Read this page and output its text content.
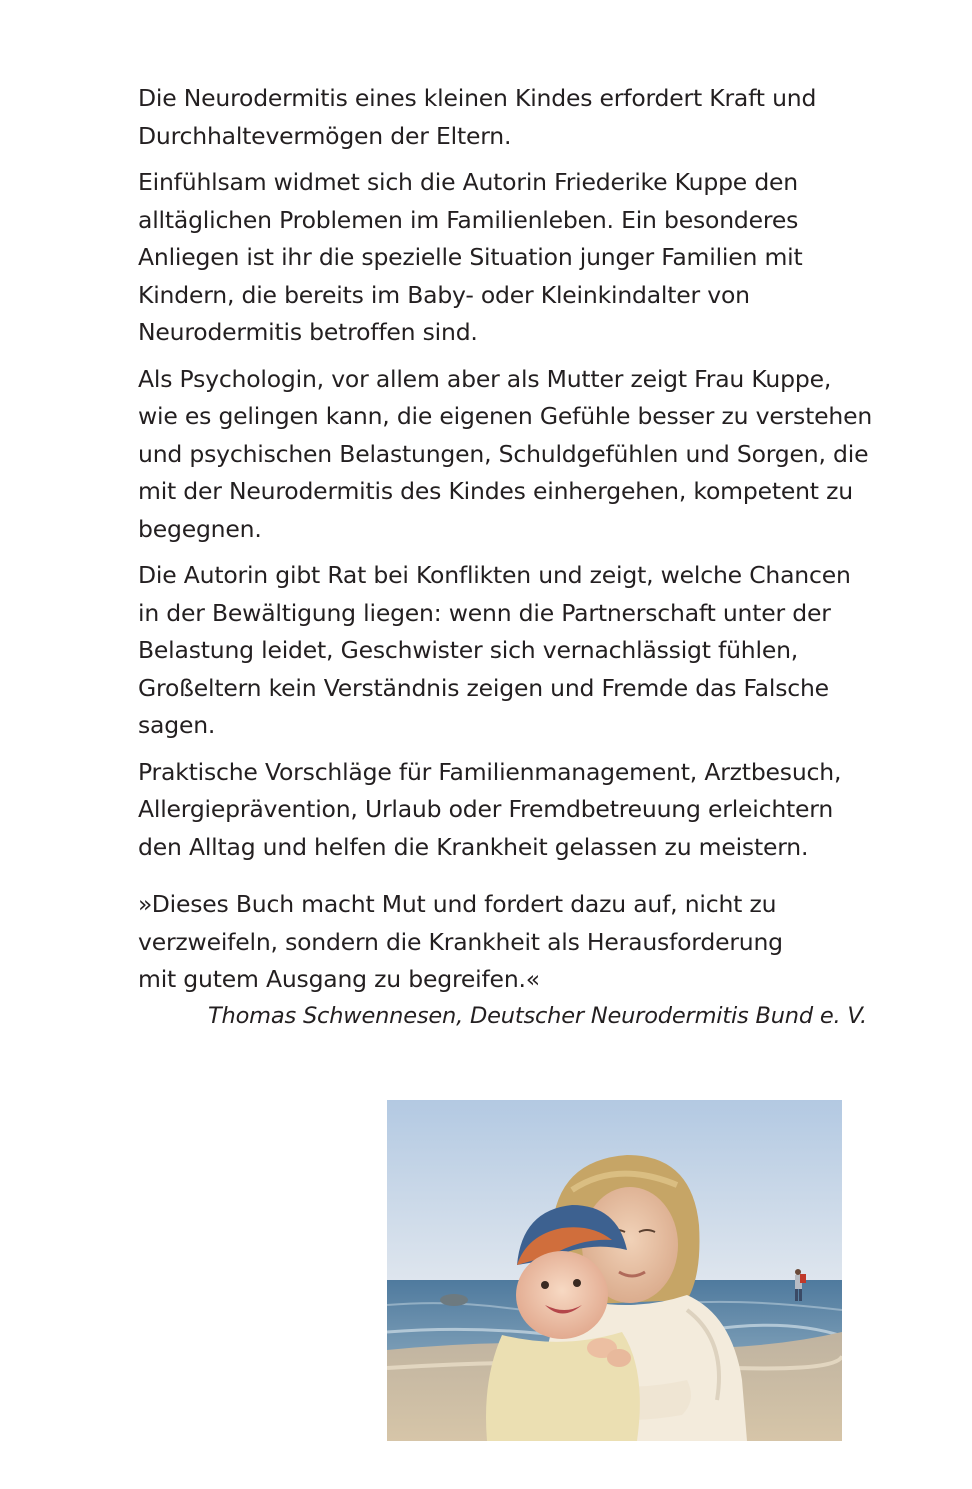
Die Neurodermitis eines kleinen Kindes erfordert Kraft und
Durchhaltevermögen der Eltern.

Einfühlsam widmet sich die Autorin Friederike Kuppe den
alltäglichen Problemen im Familienleben. Ein besonderes
Anliegen ist ihr die spezielle Situation junger Familien mit
Kindern, die bereits im Baby- oder Kleinkindalter von
Neurodermitis betroffen sind.

Als Psychologin, vor allem aber als Mutter zeigt Frau Kuppe,
wie es gelingen kann, die eigenen Gefühle besser zu verstehen
und psychischen Belastungen, Schuldgefühlen und Sorgen, die
mit der Neurodermitis des Kindes einhergehen, kompetent zu
begegnen.

Die Autorin gibt Rat bei Konflikten und zeigt, welche Chancen
in der Bewältigung liegen: wenn die Partnerschaft unter der
Belastung leidet, Geschwister sich vernachlässigt fühlen,
Großeltern kein Verständnis zeigen und Fremde das Falsche
sagen.

Praktische Vorschläge für Familienmanagement, Arztbesuch,
Allergieprävention, Urlaub oder Fremdbetreuung erleichtern
den Alltag und helfen die Krankheit gelassen zu meistern.

»Dieses Buch macht Mut und fordert dazu auf, nicht zu
verzweifeln, sondern die Krankheit als Herausforderung
mit gutem Ausgang zu begreifen.«
Thomas Schwennesen, Deutscher Neurodermitis Bund e. V.
